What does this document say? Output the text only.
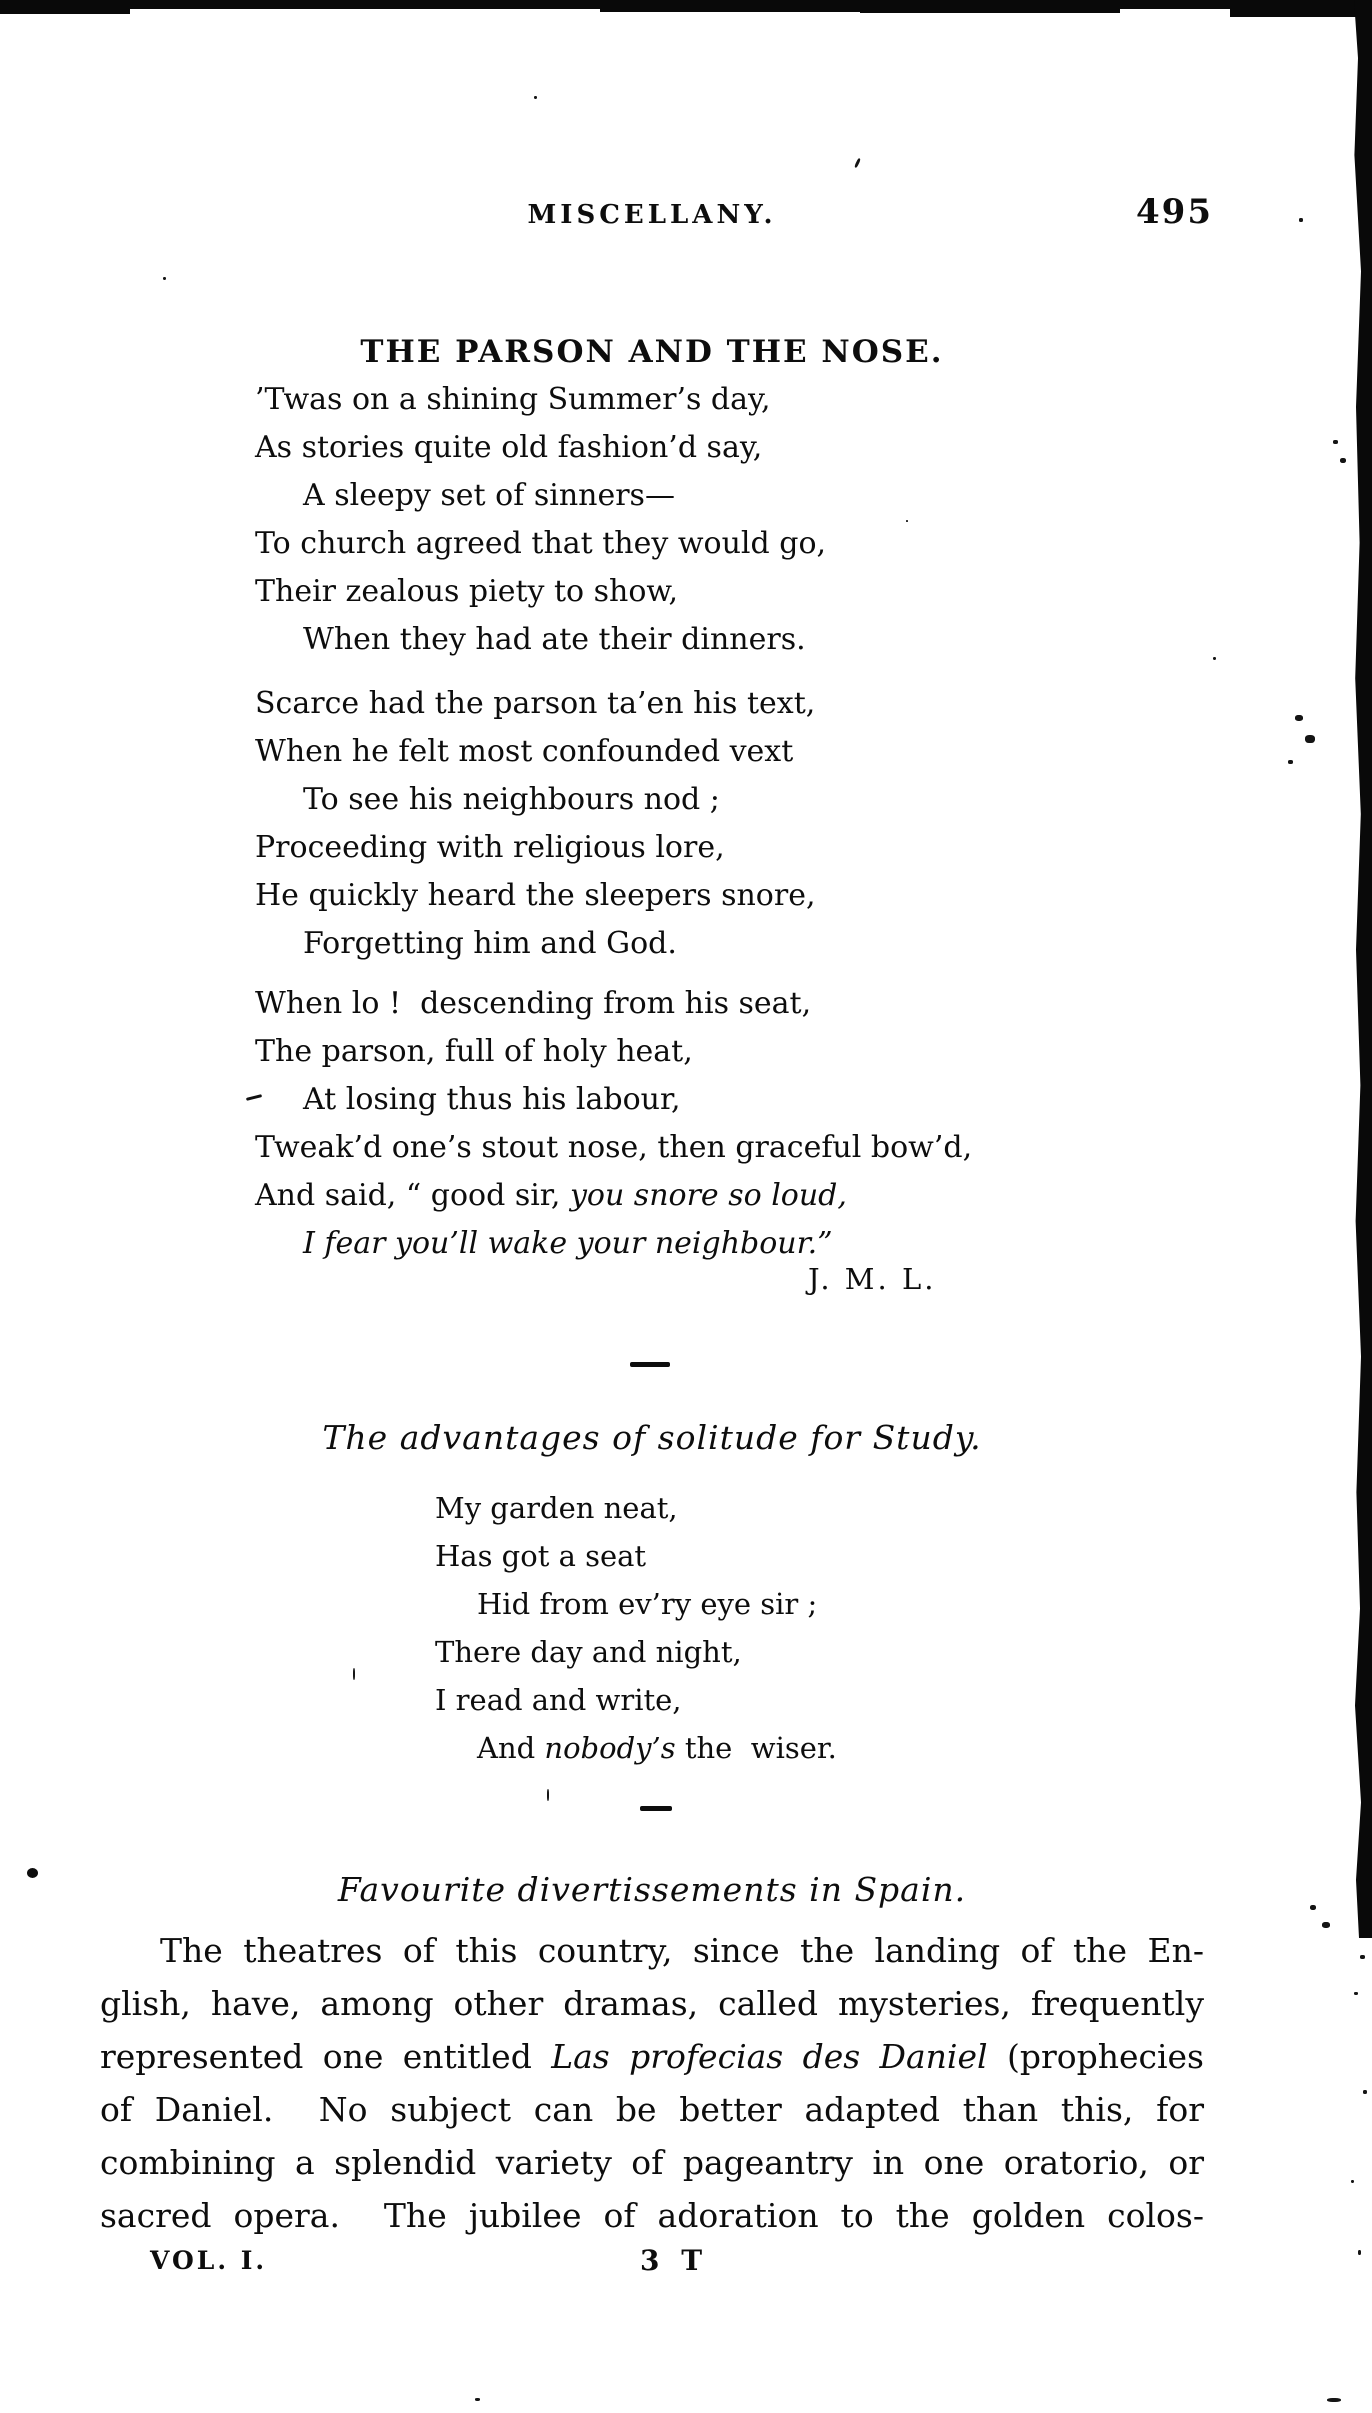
MISCELLANY.	495
THE PARSON AND THE NOSE.
’Twas on a shining Summer’s day,
As stories quite old fashion’d say,
A sleepy set of sinners—
To church agreed that they would go,
Their zealous piety to show,
When they had ate their dinners.
Scarce had the parson ta’en his text,
When he felt most confounded vext
To see his neighbours nod ;
Proceeding with religious lore,
He quickly heard the sleepers snore,
Forgetting him and God.
When lo !  descending from his seat,
The parson, full of holy heat,
At losing thus his labour,
Tweak’d one’s stout nose, then graceful bow’d,
And said, “ good sir, you snore so loud,
I fear you’ll wake your neighbour.”
J. M. L.
The advantages of solitude for Study.
My garden neat,
Has got a seat
Hid from ev’ry eye sir ;
There day and night,
I read and write,
And nobody’s the  wiser.
Favourite divertissements in Spain.
The theatres of this country, since the landing of the En-
glish, have, among other dramas, called mysteries, frequently
represented one entitled Las profecias des Daniel (prophecies
of Daniel.  No subject can be better adapted than this, for
combining a splendid variety of pageantry in one oratorio, or
sacred opera.  The jubilee of adoration to the golden colos-
VOL. I.	3 T
